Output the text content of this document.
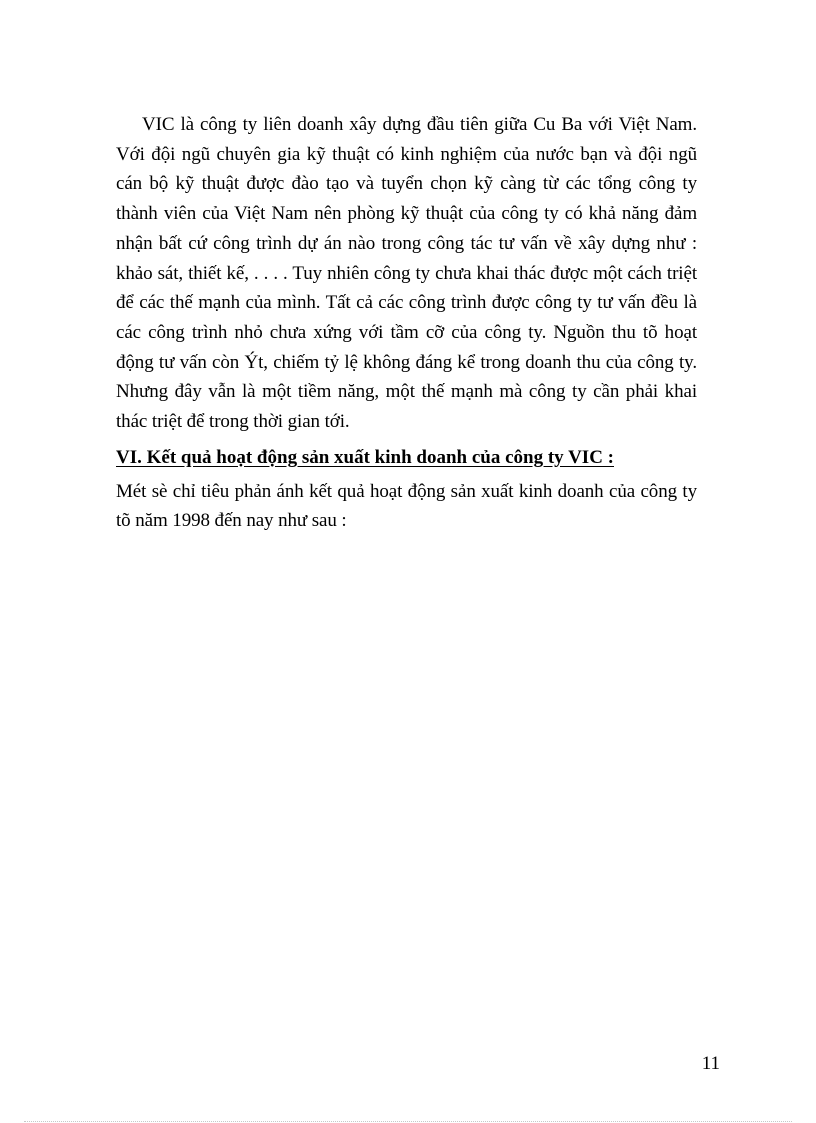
VIC là công ty liên doanh xây dựng đầu tiên giữa Cu Ba với Việt Nam. Với đội ngũ chuyên gia kỹ thuật có kinh nghiệm của nước bạn và đội ngũ cán bộ kỹ thuật được đào tạo và tuyển chọn kỹ càng từ các tổng công ty thành viên của Việt Nam nên phòng kỹ thuật của công ty có khả năng đảm nhận bất cứ công trình dự án nào trong công tác tư vấn về xây dựng như : khảo sát, thiết kế, . . . . Tuy nhiên công ty chưa khai thác được một cách triệt để các thế mạnh của mình. Tất cả các công trình được công ty tư vấn đều là các công trình nhỏ chưa xứng với tầm cỡ của công ty. Nguồn thu tõ hoạt động tư vấn còn Ýt, chiếm tỷ lệ không đáng kể trong doanh thu của công ty. Nhưng đây vẫn là một tiềm năng, một thế mạnh mà công ty cần phải khai thác triệt để trong thời gian tới.

VI. Kết quả hoạt động sản xuất kinh doanh của công ty VIC :

Mét sè chỉ tiêu phản ánh kết quả hoạt động sản xuất kinh doanh của công ty tõ năm 1998 đến nay như sau :

11
